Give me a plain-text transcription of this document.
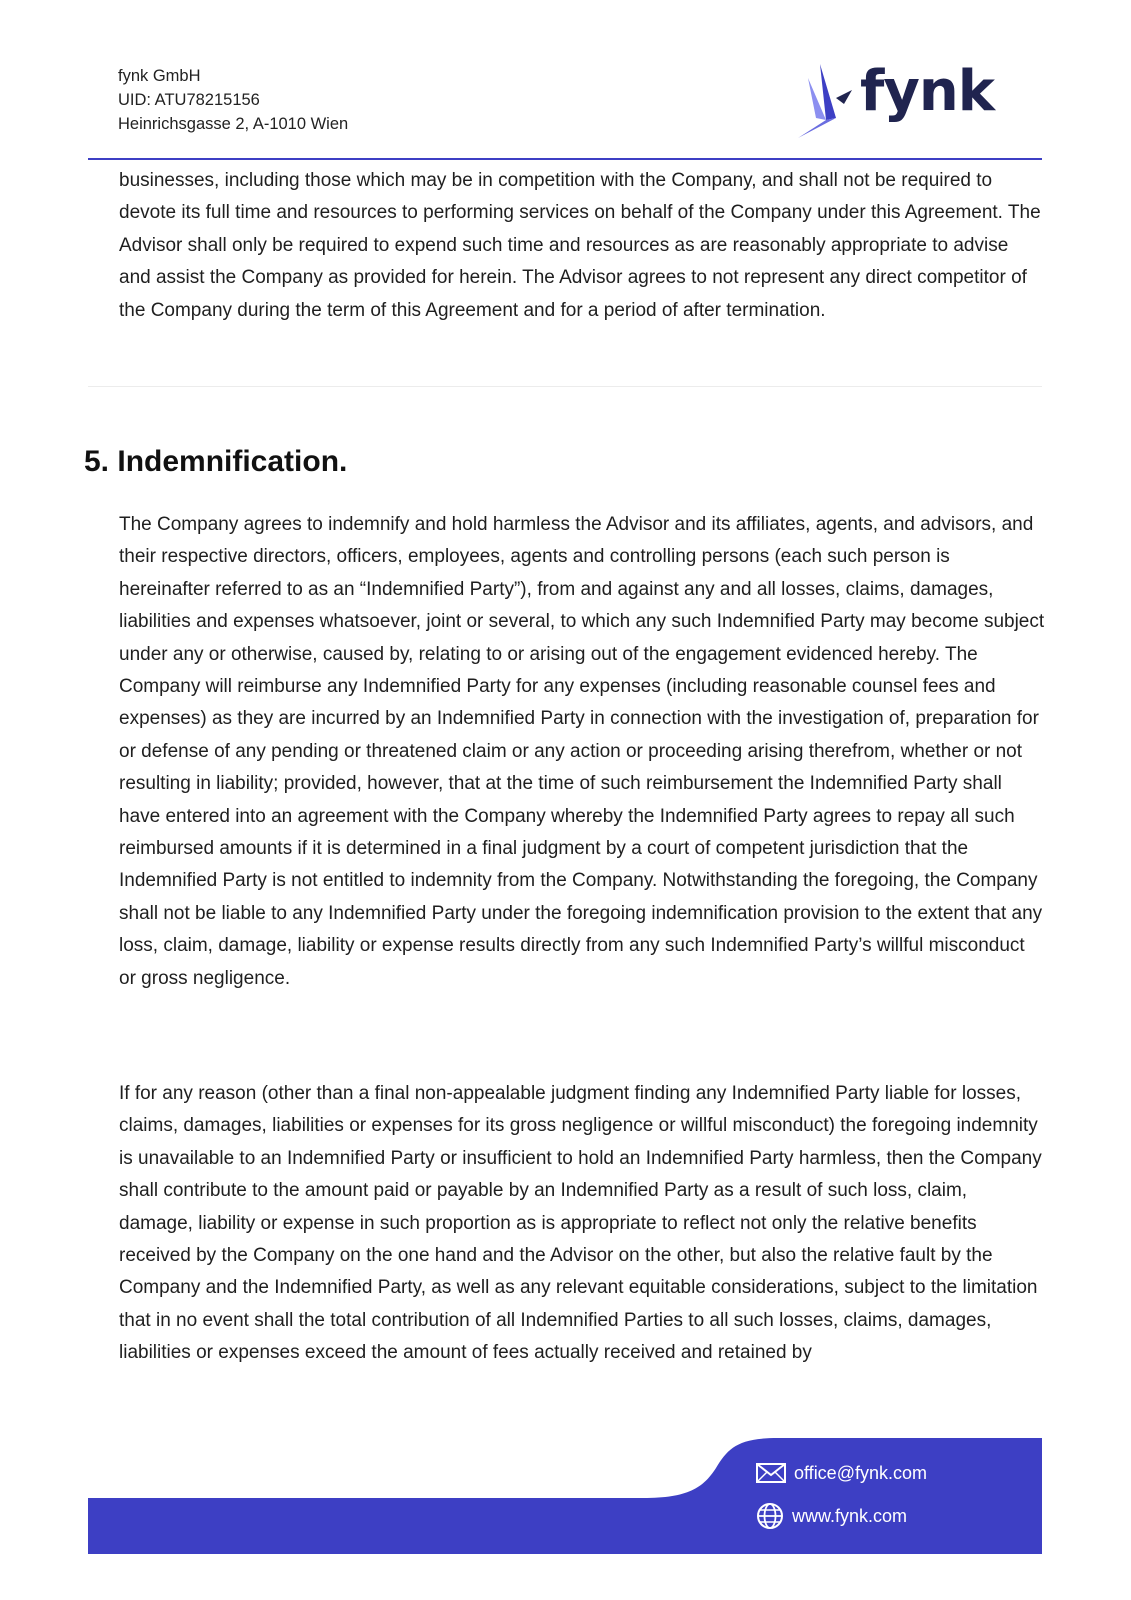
fynk GmbH
UID: ATU78215156
Heinrichsgasse 2, A-1010 Wien	fynk

businesses, including those which may be in competition with the Company, and shall not be required to devote its full time and resources to performing services on behalf of the Company under this Agreement. The Advisor shall only be required to expend such time and resources as are reasonably appropriate to advise and assist the Company as provided for herein. The Advisor agrees to not represent any direct competitor of the Company during the term of this Agreement and for a period of after termination.

5. Indemnification.

The Company agrees to indemnify and hold harmless the Advisor and its affiliates, agents, and advisors, and their respective directors, officers, employees, agents and controlling persons (each such person is hereinafter referred to as an “Indemnified Party”), from and against any and all losses, claims, damages, liabilities and expenses whatsoever, joint or several, to which any such Indemnified Party may become subject under any or otherwise, caused by, relating to or arising out of the engagement evidenced hereby. The Company will reimburse any Indemnified Party for any expenses (including reasonable counsel fees and expenses) as they are incurred by an Indemnified Party in connection with the investigation of, preparation for or defense of any pending or threatened claim or any action or proceeding arising therefrom, whether or not resulting in liability; provided, however, that at the time of such reimbursement the Indemnified Party shall have entered into an agreement with the Company whereby the Indemnified Party agrees to repay all such reimbursed amounts if it is determined in a final judgment by a court of competent jurisdiction that the Indemnified Party is not entitled to indemnity from the Company. Notwithstanding the foregoing, the Company shall not be liable to any Indemnified Party under the foregoing indemnification provision to the extent that any loss, claim, damage, liability or expense results directly from any such Indemnified Party’s willful misconduct or gross negligence.

If for any reason (other than a final non-appealable judgment finding any Indemnified Party liable for losses, claims, damages, liabilities or expenses for its gross negligence or willful misconduct) the foregoing indemnity is unavailable to an Indemnified Party or insufficient to hold an Indemnified Party harmless, then the Company shall contribute to the amount paid or payable by an Indemnified Party as a result of such loss, claim, damage, liability or expense in such proportion as is appropriate to reflect not only the relative benefits received by the Company on the one hand and the Advisor on the other, but also the relative fault by the Company and the Indemnified Party, as well as any relevant equitable considerations, subject to the limitation that in no event shall the total contribution of all Indemnified Parties to all such losses, claims, damages, liabilities or expenses exceed the amount of fees actually received and retained by

office@fynk.com
www.fynk.com
